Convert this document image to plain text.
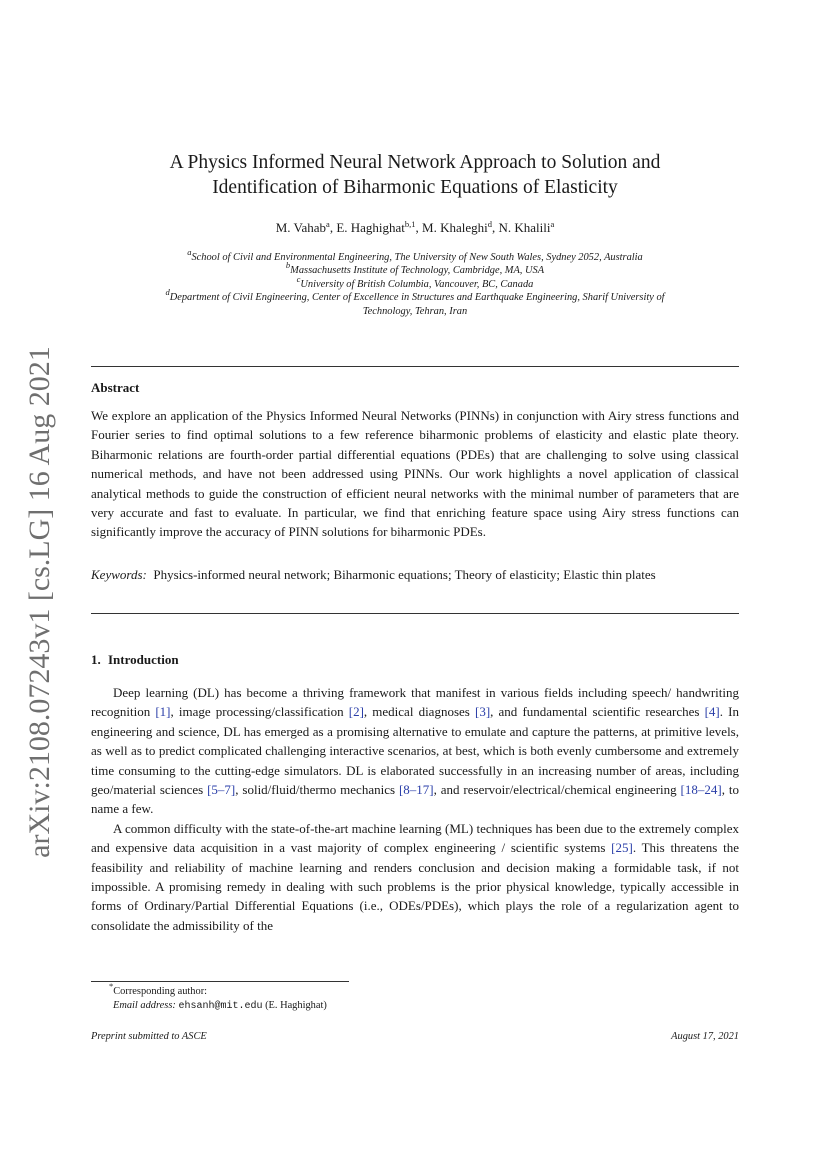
arXiv:2108.07243v1 [cs.LG] 16 Aug 2021
A Physics Informed Neural Network Approach to Solution and
Identification of Biharmonic Equations of Elasticity
M. Vahab$^a$, E. Haghighat$^{b,1}$, M. Khaleghi$^d$, N. Khalili$^a$
$^a$School of Civil and Environmental Engineering, The University of New South Wales, Sydney 2052, Australia
$^b$Massachusetts Institute of Technology, Cambridge, MA, USA
$^c$University of British Columbia, Vancouver, BC, Canada
$^d$Department of Civil Engineering, Center of Excellence in Structures and Earthquake Engineering, Sharif University of
Technology, Tehran, Iran
Abstract
We explore an application of the Physics Informed Neural Networks (PINNs) in conjunction with Airy stress functions and Fourier series to find optimal solutions to a few reference biharmonic problems of elasticity and elastic plate theory. Biharmonic relations are fourth-order partial differential equations (PDEs) that are challenging to solve using classical numerical methods, and have not been addressed using PINNs. Our work highlights a novel application of classical analytical methods to guide the construction of efficient neural networks with the minimal number of parameters that are very accurate and fast to evaluate. In particular, we find that enriching feature space using Airy stress functions can significantly improve the accuracy of PINN solutions for biharmonic PDEs.
Keywords: Physics-informed neural network; Biharmonic equations; Theory of elasticity; Elastic thin plates
1. Introduction

Deep learning (DL) has become a thriving framework that manifest in various fields including speech/ handwriting recognition [1], image processing/classification [2], medical diagnoses [3], and fundamental scientific researches [4]. In engineering and science, DL has emerged as a promising alternative to emulate and capture the patterns, at primitive levels, as well as to predict complicated challenging interactive scenarios, at best, which is both evenly cumbersome and extremely time consuming to the cutting-edge simulators. DL is elaborated successfully in an increasing number of areas, including geo/material sciences [5–7], solid/fluid/thermo mechanics [8–17], and reservoir/electrical/chemical engineering [18–24], to name a few.

A common difficulty with the state-of-the-art machine learning (ML) techniques has been due to the extremely complex and expensive data acquisition in a vast majority of complex engineering / scientific systems [25]. This threatens the feasibility and reliability of machine learning and renders conclusion and decision making a formidable task, if not impossible. A promising remedy in dealing with such problems is the prior physical knowledge, typically accessible in forms of Ordinary/Partial Differential Equations (i.e., ODEs/PDEs), which plays the role of a regularization agent to consolidate the admissibility of the

*Corresponding author:
Email address: ehsanh@mit.edu (E. Haghighat)
Preprint submitted to ASCE	August 17, 2021
